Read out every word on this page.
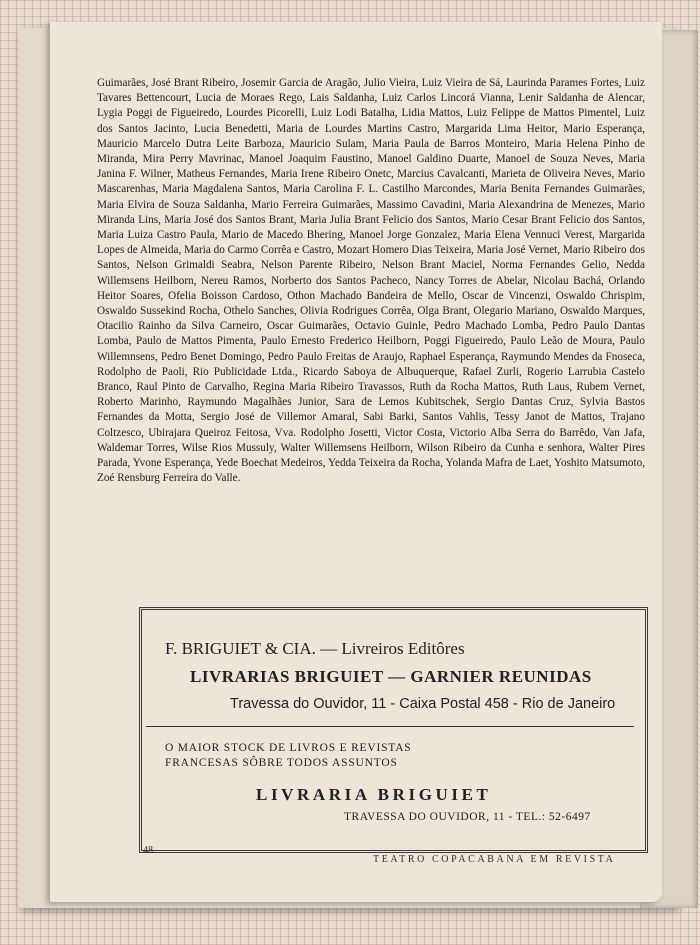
Guimarães, José Brant Ribeiro, Josemir Garcia de Aragão, Julio Vieira, Luiz Vieira de Sá, Laurinda Parames Fortes, Luiz Tavares Bettencourt, Lucia de Moraes Rego, Lais Saldanha, Luiz Carlos Lincorá Vianna, Lenir Saldanha de Alencar, Lygia Poggi de Figueiredo, Lourdes Picorelli, Luiz Lodi Batalha, Lidia Mattos, Luiz Felippe de Mattos Pimentel, Luiz dos Santos Jacinto, Lucia Benedetti, Maria de Lourdes Martins Castro, Margarida Lima Heitor, Mario Esperança, Mauricio Marcelo Dutra Leite Barboza, Mauricio Sulam, Maria Paula de Barros Monteiro, Maria Helena Pinho de Miranda, Mira Perry Mavrinac, Manoel Joaquim Faustino, Manoel Galdino Duarte, Manoel de Souza Neves, Maria Janina F. Wilner, Matheus Fernandes, Maria Irene Ribeiro Onetc, Marcius Cavalcanti, Marieta de Oliveira Neves, Mario Mascarenhas, Maria Magdalena Santos, Maria Carolina F. L. Castilho Marcondes, Maria Benita Fernandes Guimarães, Maria Elvira de Souza Saldanha, Mario Ferreira Guimarães, Massimo Cavadini, Maria Alexandrina de Menezes, Mario Miranda Lins, Maria José dos Santos Brant, Maria Julia Brant Felicio dos Santos, Mario Cesar Brant Felicio dos Santos, Maria Luiza Castro Paula, Mario de Macedo Bhering, Manoel Jorge Gonzalez, Maria Elena Vennuci Verest, Margarida Lopes de Almeida, Maria do Carmo Corrêa e Castro, Mozart Homero Dias Teixeira, Maria José Vernet, Mario Ribeiro dos Santos, Nelson Grimaldi Seabra, Nelson Parente Ribeiro, Nelson Brant Maciel, Norma Fernandes Gelio, Nedda Willemsens Heilborn, Nereu Ramos, Norberto dos Santos Pacheco, Nancy Torres de Abelar, Nicolau Bachá, Orlando Heitor Soares, Ofelia Boisson Cardoso, Othon Machado Bandeira de Mello, Oscar de Vincenzi, Oswaldo Chrispim, Oswaldo Sussekind Rocha, Othelo Sanches, Olivia Rodrigues Corrêa, Olga Brant, Olegario Mariano, Oswaldo Marques, Otacilio Rainho da Silva Carneiro, Oscar Guimarães, Octavio Guinle, Pedro Machado Lomba, Pedro Paulo Dantas Lomba, Paulo de Mattos Pimenta, Paulo Ernesto Frederico Heilborn, Poggi Figueiredo, Paulo Leão de Moura, Paulo Willemnsens, Pedro Benet Domingo, Pedro Paulo Freitas de Araujo, Raphael Esperança, Raymundo Mendes da Fnoseca, Rodolpho de Paoli, Rio Publicidade Ltda., Ricardo Saboya de Albuquerque, Rafael Zurli, Rogerio Larrubia Castelo Branco, Raul Pinto de Carvalho, Regina Maria Ribeiro Travassos, Ruth da Rocha Mattos, Ruth Laus, Rubem Vernet, Roberto Marinho, Raymundo Magalhães Junior, Sara de Lemos Kubitschek, Sergio Dantas Cruz, Sylvia Bastos Fernandes da Motta, Sergio José de Villemor Amaral, Sabi Barki, Santos Vahlis, Tessy Janot de Mattos, Trajano Coltzesco, Ubirajara Queiroz Feitosa, Vva. Rodolpho Josetti, Victor Costa, Victorio Alba Serra do Barrêdo, Van Jafa, Waldemar Torres, Wilse Rios Mussuly, Walter Willemsens Heilborn, Wilson Ribeiro da Cunha e senhora, Walter Pires Parada, Yvone Esperança, Yede Boechat Medeiros, Yedda Teixeira da Rocha, Yolanda Mafra de Laet, Yoshito Matsumoto, Zoé Rensburg Ferreira do Valle.

F. BRIGUIET & CIA. — Livreiros Editôres

LIVRARIAS BRIGUIET — GARNIER REUNIDAS

Travessa do Ouvidor, 11 - Caixa Postal 458 - Rio de Janeiro

O MAIOR STOCK DE LIVROS E REVISTAS
FRANCESAS SÔBRE TODOS ASSUNTOS

LIVRARIA BRIGUIET

TRAVESSA DO OUVIDOR, 11 - TEL.: 52-6497

48

TEATRO COPACABANA EM REVISTA
